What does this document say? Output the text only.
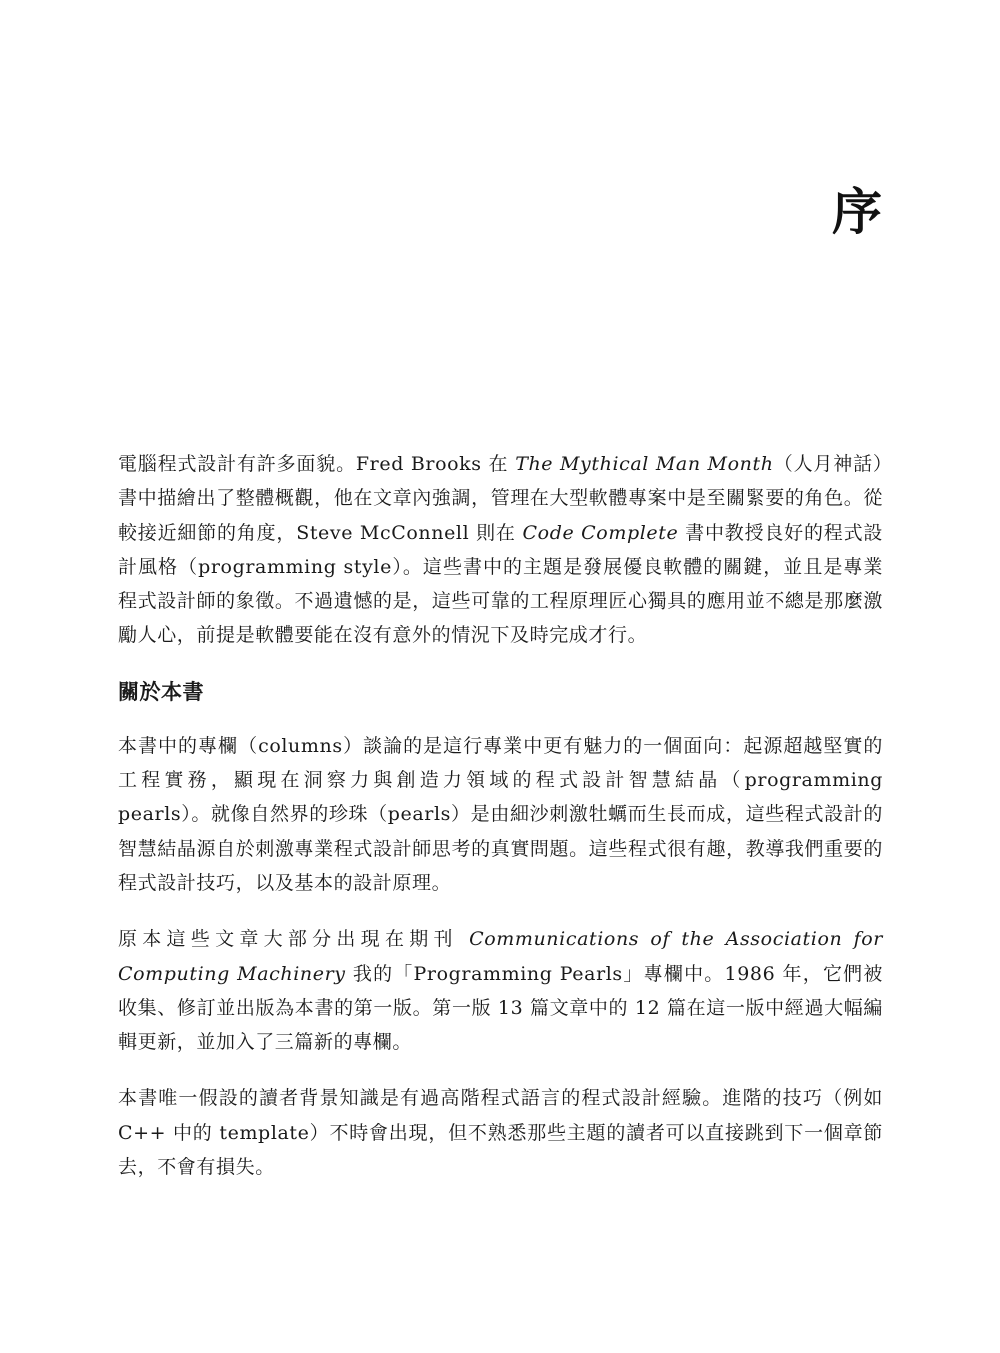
序

電腦程式設計有許多面貌。Fred Brooks 在 The Mythical Man Month（人月神話）書中描繪出了整體概觀，他在文章內強調，管理在大型軟體專案中是至關緊要的角色。從較接近細節的角度，Steve McConnell 則在 Code Complete 書中教授良好的程式設計風格（programming style）。這些書中的主題是發展優良軟體的關鍵，並且是專業程式設計師的象徵。不過遺憾的是，這些可靠的工程原理匠心獨具的應用並不總是那麼激勵人心，前提是軟體要能在沒有意外的情況下及時完成才行。

關於本書

本書中的專欄（columns）談論的是這行專業中更有魅力的一個面向：起源超越堅實的工程實務，顯現在洞察力與創造力領域的程式設計智慧結晶（programming pearls）。就像自然界的珍珠（pearls）是由細沙刺激牡蠣而生長而成，這些程式設計的智慧結晶源自於刺激專業程式設計師思考的真實問題。這些程式很有趣，教導我們重要的程式設計技巧，以及基本的設計原理。

原本這些文章大部分出現在期刊 Communications of the Association for Computing Machinery 我的「Programming Pearls」專欄中。1986 年，它們被收集、修訂並出版為本書的第一版。第一版 13 篇文章中的 12 篇在這一版中經過大幅編輯更新，並加入了三篇新的專欄。

本書唯一假設的讀者背景知識是有過高階程式語言的程式設計經驗。進階的技巧（例如 C++ 中的 template）不時會出現，但不熟悉那些主題的讀者可以直接跳到下一個章節去，不會有損失。
